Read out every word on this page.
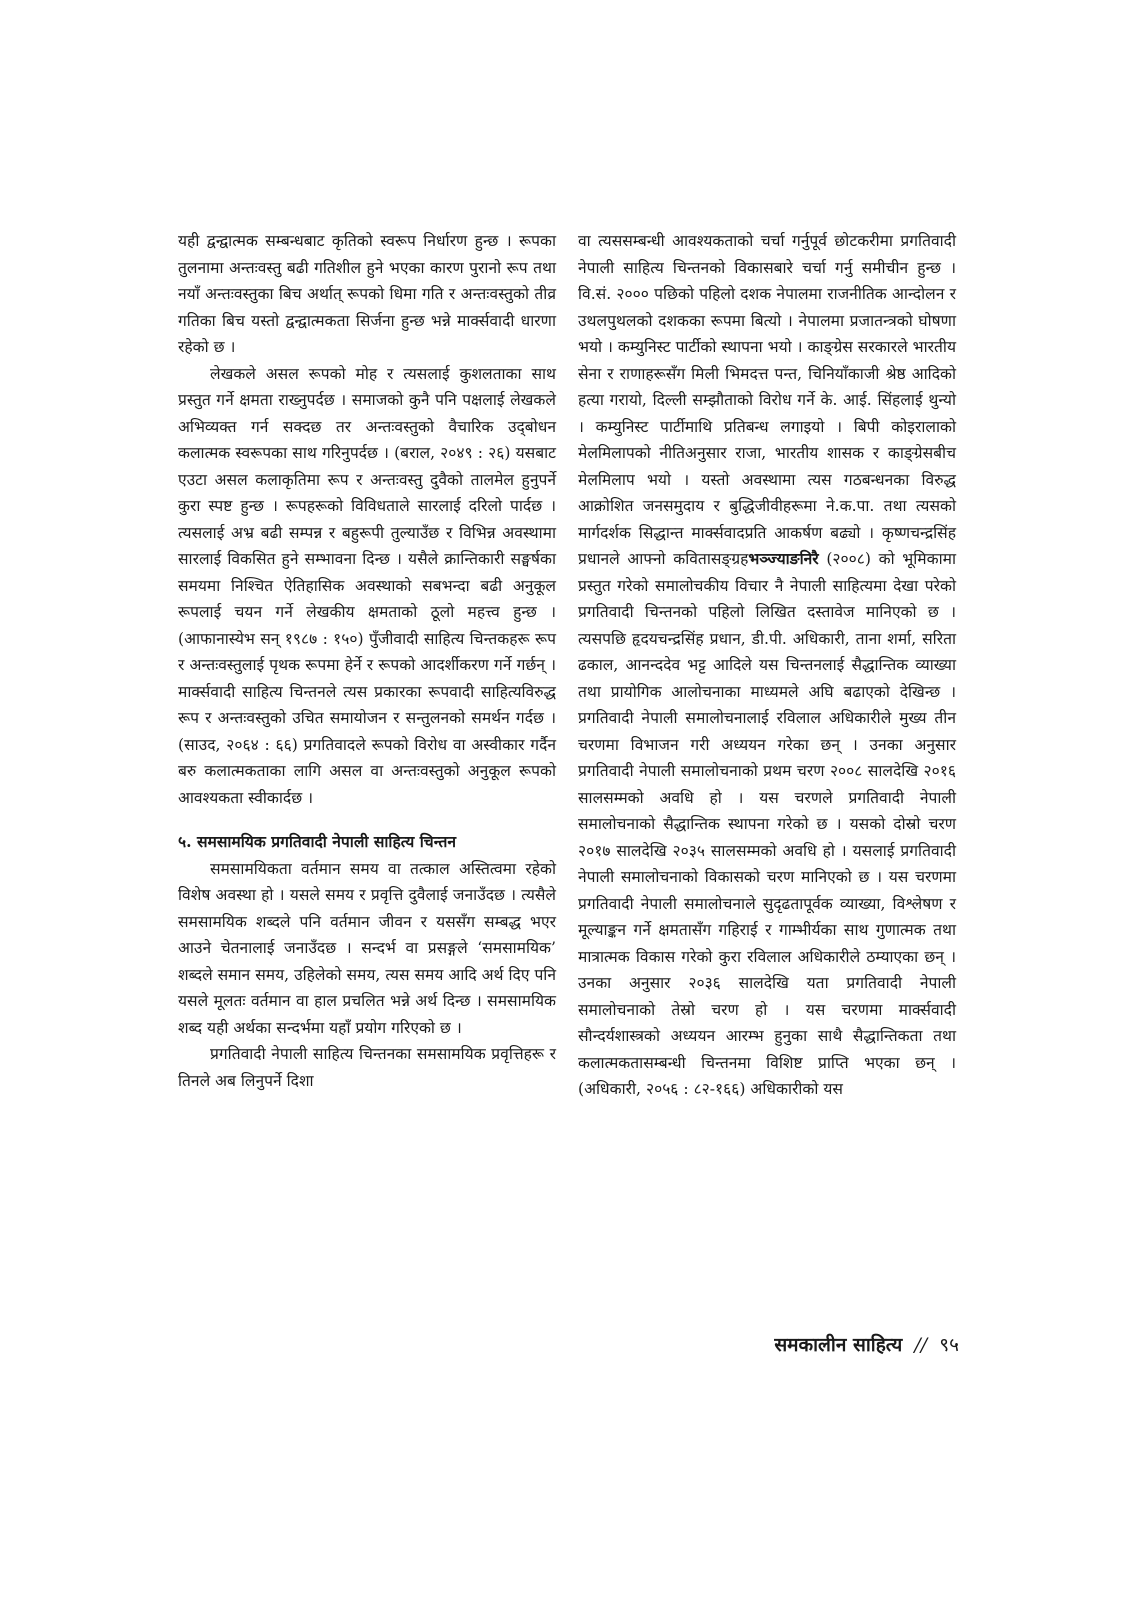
यही द्वन्द्वात्मक सम्बन्धबाट कृतिको स्वरूप निर्धारण हुन्छ । रूपका तुलनामा अन्तःवस्तु बढी गतिशील हुने भएका कारण पुरानो रूप तथा नयाँ अन्तःवस्तुका बिच अर्थात् रूपको धिमा गति र अन्तःवस्तुको तीव्र गतिका बिच यस्तो द्वन्द्वात्मकता सिर्जना हुन्छ भन्ने मार्क्सवादी धारणा रहेको छ ।

लेखकले असल रूपको मोह र त्यसलाई कुशलताका साथ प्रस्तुत गर्ने क्षमता राख्नुपर्दछ । समाजको कुनै पनि पक्षलाई लेखकले अभिव्यक्त गर्न सक्दछ तर अन्तःवस्तुको वैचारिक उद्‌बोधन कलात्मक स्वरूपका साथ गरिनुपर्दछ । (बराल, २०४९ : २६) यसबाट एउटा असल कलाकृतिमा रूप र अन्तःवस्तु दुवैको तालमेल हुनुपर्ने कुरा स्पष्ट हुन्छ । रूपहरूको विविधताले सारलाई दरिलो पार्दछ । त्यसलाई अभ्र बढी सम्पन्न र बहुरूपी तुल्याउँछ र विभिन्न अवस्थामा सारलाई विकसित हुने सम्भावना दिन्छ । यसैले क्रान्तिकारी सङ्घर्षका समयमा निश्चित ऐतिहासिक अवस्थाको सबभन्दा बढी अनुकूल रूपलाई चयन गर्ने लेखकीय क्षमताको ठूलो महत्त्व हुन्छ । (आफानास्येभ सन् १९८७ : १५०) पुँजीवादी साहित्य चिन्तकहरू रूप र अन्तःवस्तुलाई पृथक रूपमा हेर्ने र रूपको आदर्शीकरण गर्ने गर्छन् । मार्क्सवादी साहित्य चिन्तनले त्यस प्रकारका रूपवादी साहित्यविरुद्ध रूप र अन्तःवस्तुको उचित समायोजन र सन्तुलनको समर्थन गर्दछ । (साउद, २०६४ : ६६) प्रगतिवादले रूपको विरोध वा अस्वीकार गर्दैन बरु कलात्मकताका लागि असल वा अन्तःवस्तुको अनुकूल रूपको आवश्यकता स्वीकार्दछ ।

५. समसामयिक प्रगतिवादी नेपाली साहित्य चिन्तन

समसामयिकता वर्तमान समय वा तत्काल अस्तित्वमा रहेको विशेष अवस्था हो । यसले समय र प्रवृत्ति दुवैलाई जनाउँदछ । त्यसैले समसामयिक शब्दले पनि वर्तमान जीवन र यससँग सम्बद्ध भएर आउने चेतनालाई जनाउँदछ । सन्दर्भ वा प्रसङ्गले ‘समसामयिक’ शब्दले समान समय, उहिलेको समय, त्यस समय आदि अर्थ दिए पनि यसले मूलतः वर्तमान वा हाल प्रचलित भन्ने अर्थ दिन्छ । समसामयिक शब्द यही अर्थका सन्दर्भमा यहाँ प्रयोग गरिएको छ ।

प्रगतिवादी नेपाली साहित्य चिन्तनका समसामयिक प्रवृत्तिहरू र तिनले अब लिनुपर्ने दिशा

वा त्यससम्बन्धी आवश्यकताको चर्चा गर्नुपूर्व छोटकरीमा प्रगतिवादी नेपाली साहित्य चिन्तनको विकासबारे चर्चा गर्नु समीचीन हुन्छ । वि.सं. २००० पछिको पहिलो दशक नेपालमा राजनीतिक आन्दोलन र उथलपुथलको दशकका रूपमा बित्यो । नेपालमा प्रजातन्त्रको घोषणा भयो । कम्युनिस्ट पार्टीको स्थापना भयो । काङ्ग्रेस सरकारले भारतीय सेना र राणाहरूसँग मिली भिमदत्त पन्त, चिनियाँकाजी श्रेष्ठ आदिको हत्या गरायो, दिल्ली सम्झौताको विरोध गर्ने के. आई. सिंहलाई थुन्यो । कम्युनिस्ट पार्टीमाथि प्रतिबन्ध लगाइयो । बिपी कोइरालाको मेलमिलापको नीतिअनुसार राजा, भारतीय शासक र काङ्ग्रेसबीच मेलमिलाप भयो । यस्तो अवस्थामा त्यस गठबन्धनका विरुद्ध आक्रोशित जनसमुदाय र बुद्धिजीवीहरूमा ने.क.पा. तथा त्यसको मार्गदर्शक सिद्धान्त मार्क्सवादप्रति आकर्षण बढ्यो । कृष्णचन्द्रसिंह प्रधानले आफ्नो कवितासङ्ग्रहभञ्ज्याङनिरै (२००८) को भूमिकामा प्रस्तुत गरेको समालोचकीय विचार नै नेपाली साहित्यमा देखा परेको प्रगतिवादी चिन्तनको पहिलो लिखित दस्तावेज मानिएको छ । त्यसपछि हृदयचन्द्रसिंह प्रधान, डी.पी. अधिकारी, ताना शर्मा, सरिता ढकाल, आनन्ददेव भट्ट आदिले यस चिन्तनलाई सैद्धान्तिक व्याख्या तथा प्रायोगिक आलोचनाका माध्यमले अघि बढाएको देखिन्छ । प्रगतिवादी नेपाली समालोचनालाई रविलाल अधिकारीले मुख्य तीन चरणमा विभाजन गरी अध्ययन गरेका छन् । उनका अनुसार प्रगतिवादी नेपाली समालोचनाको प्रथम चरण २००८ सालदेखि २०१६ सालसम्मको अवधि हो । यस चरणले प्रगतिवादी नेपाली समालोचनाको सैद्धान्तिक स्थापना गरेको छ । यसको दोस्रो चरण २०१७ सालदेखि २०३५ सालसम्मको अवधि हो । यसलाई प्रगतिवादी नेपाली समालोचनाको विकासको चरण मानिएको छ । यस चरणमा प्रगतिवादी नेपाली समालोचनाले सुदृढतापूर्वक व्याख्या, विश्लेषण र मूल्याङ्कन गर्ने क्षमतासँग गहिराई र गाम्भीर्यका साथ गुणात्मक तथा मात्रात्मक विकास गरेको कुरा रविलाल अधिकारीले ठम्याएका छन् । उनका अनुसार २०३६ सालदेखि यता प्रगतिवादी नेपाली समालोचनाको तेस्रो चरण हो । यस चरणमा मार्क्सवादी सौन्दर्यशास्त्रको अध्ययन आरम्भ हुनुका साथै सैद्धान्तिकता तथा कलात्मकतासम्बन्धी चिन्तनमा विशिष्ट प्राप्ति भएका छन् । (अधिकारी, २०५६ : ८२-१६६) अधिकारीको यस

समकालीन साहित्य // ९५
